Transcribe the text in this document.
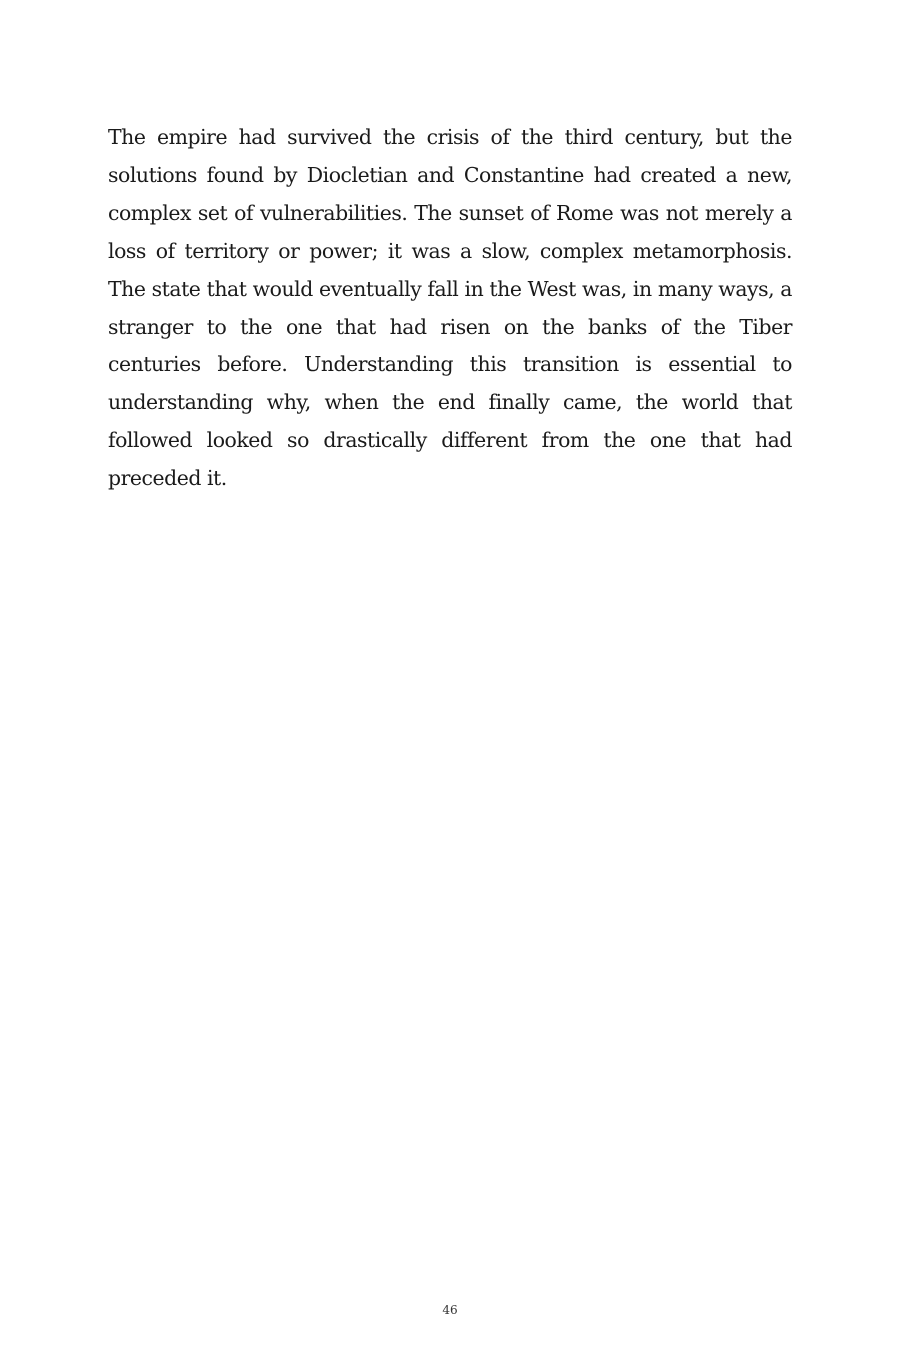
The empire had survived the crisis of the third century, but the solutions found by Diocletian and Constantine had created a new, complex set of vulnerabilities. The sunset of Rome was not merely a loss of territory or power; it was a slow, complex metamorphosis. The state that would eventually fall in the West was, in many ways, a stranger to the one that had risen on the banks of the Tiber centuries before. Understanding this transition is essential to understanding why, when the end finally came, the world that followed looked so drastically different from the one that had preceded it.

46
